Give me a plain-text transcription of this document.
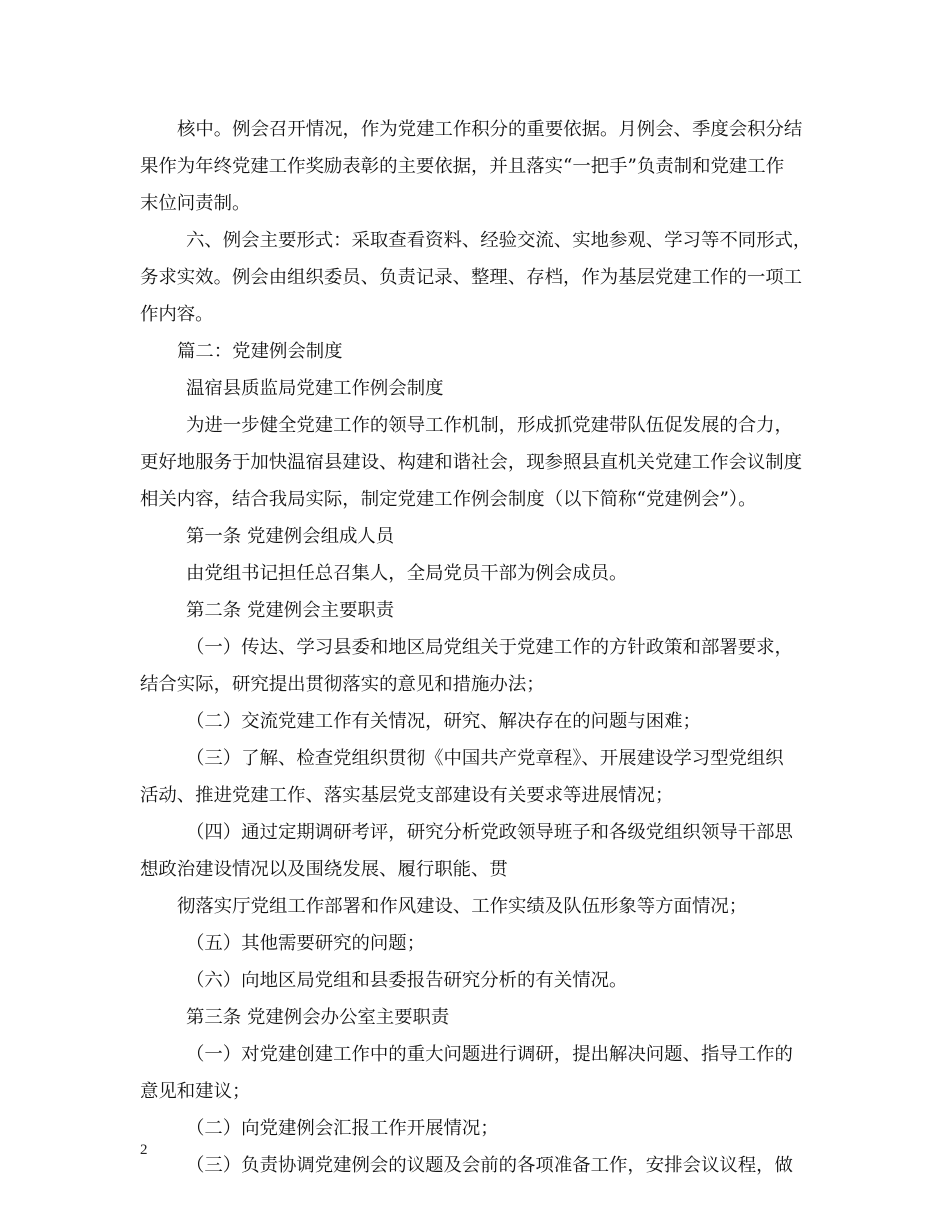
核中。例会召开情况，作为党建工作积分的重要依据。月例会、季度会积分结
果作为年终党建工作奖励表彰的主要依据，并且落实“一把手”负责制和党建工作
末位问责制。
六、例会主要形式：采取查看资料、经验交流、实地参观、学习等不同形式，
务求实效。例会由组织委员、负责记录、整理、存档，作为基层党建工作的一项工
作内容。
篇二：党建例会制度
温宿县质监局党建工作例会制度
为进一步健全党建工作的领导工作机制，形成抓党建带队伍促发展的合力，
更好地服务于加快温宿县建设、构建和谐社会，现参照县直机关党建工作会议制度
相关内容，结合我局实际，制定党建工作例会制度（以下简称“党建例会”）。
第一条 党建例会组成人员
由党组书记担任总召集人，全局党员干部为例会成员。
第二条 党建例会主要职责
（一）传达、学习县委和地区局党组关于党建工作的方针政策和部署要求，
结合实际，研究提出贯彻落实的意见和措施办法；
（二）交流党建工作有关情况，研究、解决存在的问题与困难；
（三）了解、检查党组织贯彻《中国共产党章程》、开展建设学习型党组织
活动、推进党建工作、落实基层党支部建设有关要求等进展情况；
（四）通过定期调研考评，研究分析党政领导班子和各级党组织领导干部思
想政治建设情况以及围绕发展、履行职能、贯
彻落实厅党组工作部署和作风建设、工作实绩及队伍形象等方面情况；
（五）其他需要研究的问题；
（六）向地区局党组和县委报告研究分析的有关情况。
第三条 党建例会办公室主要职责
（一）对党建创建工作中的重大问题进行调研，提出解决问题、指导工作的
意见和建议；
（二）向党建例会汇报工作开展情况；
（三）负责协调党建例会的议题及会前的各项准备工作，安排会议议程，做
2
